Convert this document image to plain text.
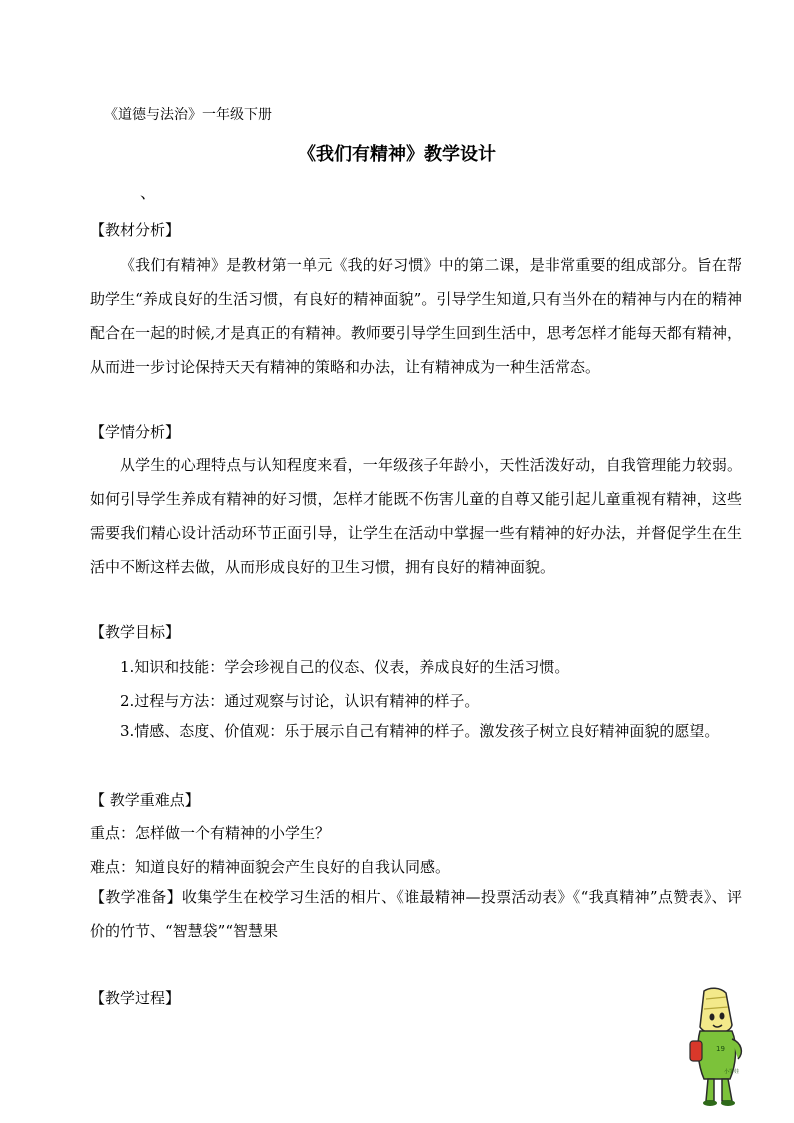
《道德与法治》一年级下册
《我们有精神》教学设计
、
【教材分析】
《我们有精神》是教材第一单元《我的好习惯》中的第二课，是非常重要的组成部分。旨在帮助学生“养成良好的生活习惯，有良好的精神面貌”。引导学生知道,只有当外在的精神与内在的精神配合在一起的时候,才是真正的有精神。教师要引导学生回到生活中，思考怎样才能每天都有精神，从而进一步讨论保持天天有精神的策略和办法，让有精神成为一种生活常态。
【学情分析】
从学生的心理特点与认知程度来看，一年级孩子年龄小，天性活泼好动，自我管理能力较弱。如何引导学生养成有精神的好习惯，怎样才能既不伤害儿童的自尊又能引起儿童重视有精神，这些需要我们精心设计活动环节正面引导，让学生在活动中掌握一些有精神的好办法，并督促学生在生活中不断这样去做，从而形成良好的卫生习惯，拥有良好的精神面貌。
【教学目标】
1.知识和技能：学会珍视自己的仪态、仪表，养成良好的生活习惯。
2.过程与方法：通过观察与讨论，认识有精神的样子。
3.情感、态度、价值观：乐于展示自己有精神的样子。激发孩子树立良好精神面貌的愿望。
【 教学重难点】
重点：怎样做一个有精神的小学生？
难点：知道良好的精神面貌会产生良好的自我认同感。
【教学准备】收集学生在校学习生活的相片、《谁最精神—投票活动表》《“我真精神”点赞表》、评价的竹节、“智慧袋”“智慧果
【教学过程】
19
小笋娃
